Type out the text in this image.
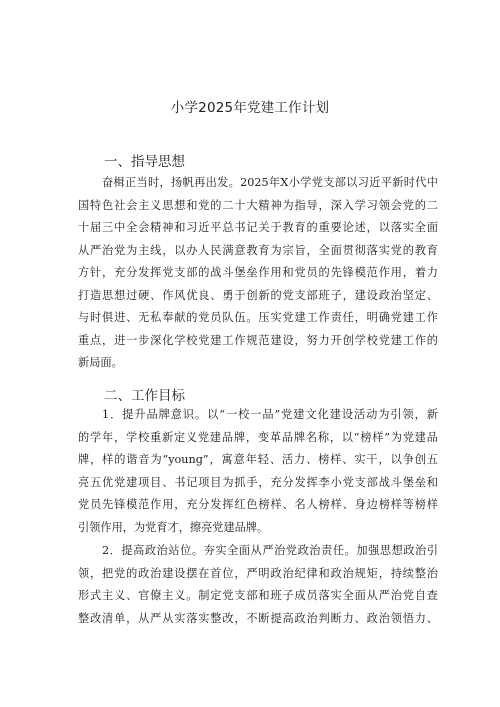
小学2025年党建工作计划
一、指导思想
奋楫正当时，扬帆再出发。2025年X小学党支部以习近平新时代中
国特色社会主义思想和党的二十大精神为指导，深入学习领会党的二
十届三中全会精神和习近平总书记关于教育的重要论述，以落实全面
从严治党为主线，以办人民满意教育为宗旨，全面贯彻落实党的教育
方针，充分发挥党支部的战斗堡垒作用和党员的先锋模范作用，着力
打造思想过硬、作风优良、勇于创新的党支部班子，建设政治坚定、
与时俱进、无私奉献的党员队伍。压实党建工作责任，明确党建工作
重点，进一步深化学校党建工作规范建设，努力开创学校党建工作的
新局面。
二、工作目标
1．提升品牌意识。以“一校一品”党建文化建设活动为引领，新
的学年，学校重新定义党建品牌，变革品牌名称，以“榜样”为党建品
牌，样的谐音为“young”，寓意年轻、活力、榜样、实干，以争创五
亮五优党建项目、书记项目为抓手，充分发挥李小党支部战斗堡垒和
党员先锋模范作用，充分发挥红色榜样、名人榜样、身边榜样等榜样
引领作用，为党育才，擦亮党建品牌。
2．提高政治站位。夯实全面从严治党政治责任。加强思想政治引
领，把党的政治建设摆在首位，严明政治纪律和政治规矩，持续整治
形式主义、官僚主义。制定党支部和班子成员落实全面从严治党自查
整改清单，从严从实落实整改，不断提高政治判断力、政治领悟力、
